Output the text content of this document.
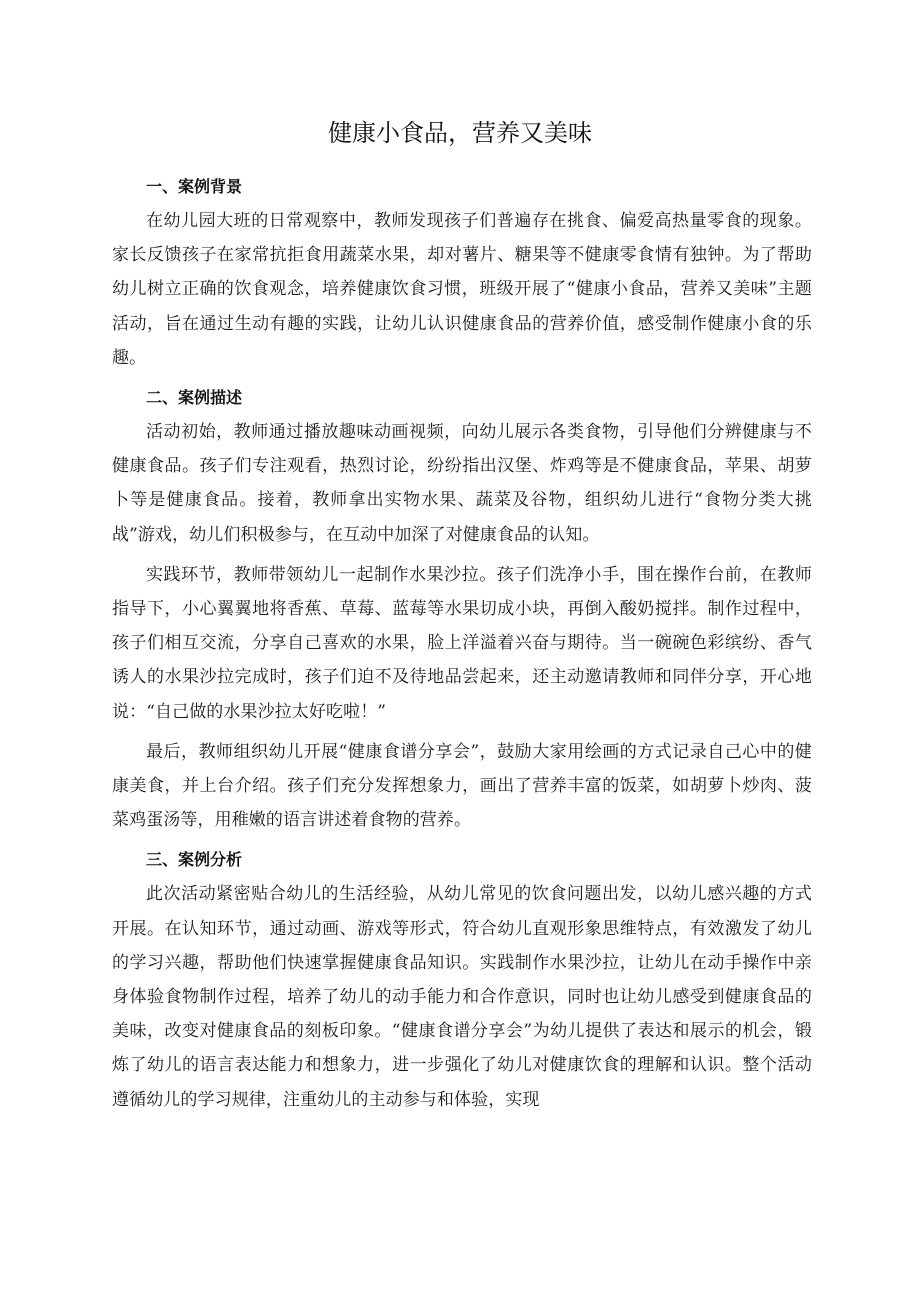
健康小食品，营养又美味
一、案例背景

在幼儿园大班的日常观察中，教师发现孩子们普遍存在挑食、偏爱高热量零食的现象。家长反馈孩子在家常抗拒食用蔬菜水果，却对薯片、糖果等不健康零食情有独钟。为了帮助幼儿树立正确的饮食观念，培养健康饮食习惯，班级开展了“健康小食品，营养又美味”主题活动，旨在通过生动有趣的实践，让幼儿认识健康食品的营养价值，感受制作健康小食的乐趣。

二、案例描述

活动初始，教师通过播放趣味动画视频，向幼儿展示各类食物，引导他们分辨健康与不健康食品。孩子们专注观看，热烈讨论，纷纷指出汉堡、炸鸡等是不健康食品，苹果、胡萝卜等是健康食品。接着，教师拿出实物水果、蔬菜及谷物，组织幼儿进行“食物分类大挑战”游戏，幼儿们积极参与，在互动中加深了对健康食品的认知。

实践环节，教师带领幼儿一起制作水果沙拉。孩子们洗净小手，围在操作台前，在教师指导下，小心翼翼地将香蕉、草莓、蓝莓等水果切成小块，再倒入酸奶搅拌。制作过程中，孩子们相互交流，分享自己喜欢的水果，脸上洋溢着兴奋与期待。当一碗碗色彩缤纷、香气诱人的水果沙拉完成时，孩子们迫不及待地品尝起来，还主动邀请教师和同伴分享，开心地说：“自己做的水果沙拉太好吃啦！”

最后，教师组织幼儿开展“健康食谱分享会”，鼓励大家用绘画的方式记录自己心中的健康美食，并上台介绍。孩子们充分发挥想象力，画出了营养丰富的饭菜，如胡萝卜炒肉、菠菜鸡蛋汤等，用稚嫩的语言讲述着食物的营养。

三、案例分析

此次活动紧密贴合幼儿的生活经验，从幼儿常见的饮食问题出发，以幼儿感兴趣的方式开展。在认知环节，通过动画、游戏等形式，符合幼儿直观形象思维特点，有效激发了幼儿的学习兴趣，帮助他们快速掌握健康食品知识。实践制作水果沙拉，让幼儿在动手操作中亲身体验食物制作过程，培养了幼儿的动手能力和合作意识，同时也让幼儿感受到健康食品的美味，改变对健康食品的刻板印象。“健康食谱分享会”为幼儿提供了表达和展示的机会，锻炼了幼儿的语言表达能力和想象力，进一步强化了幼儿对健康饮食的理解和认识。整个活动遵循幼儿的学习规律，注重幼儿的主动参与和体验，实现
